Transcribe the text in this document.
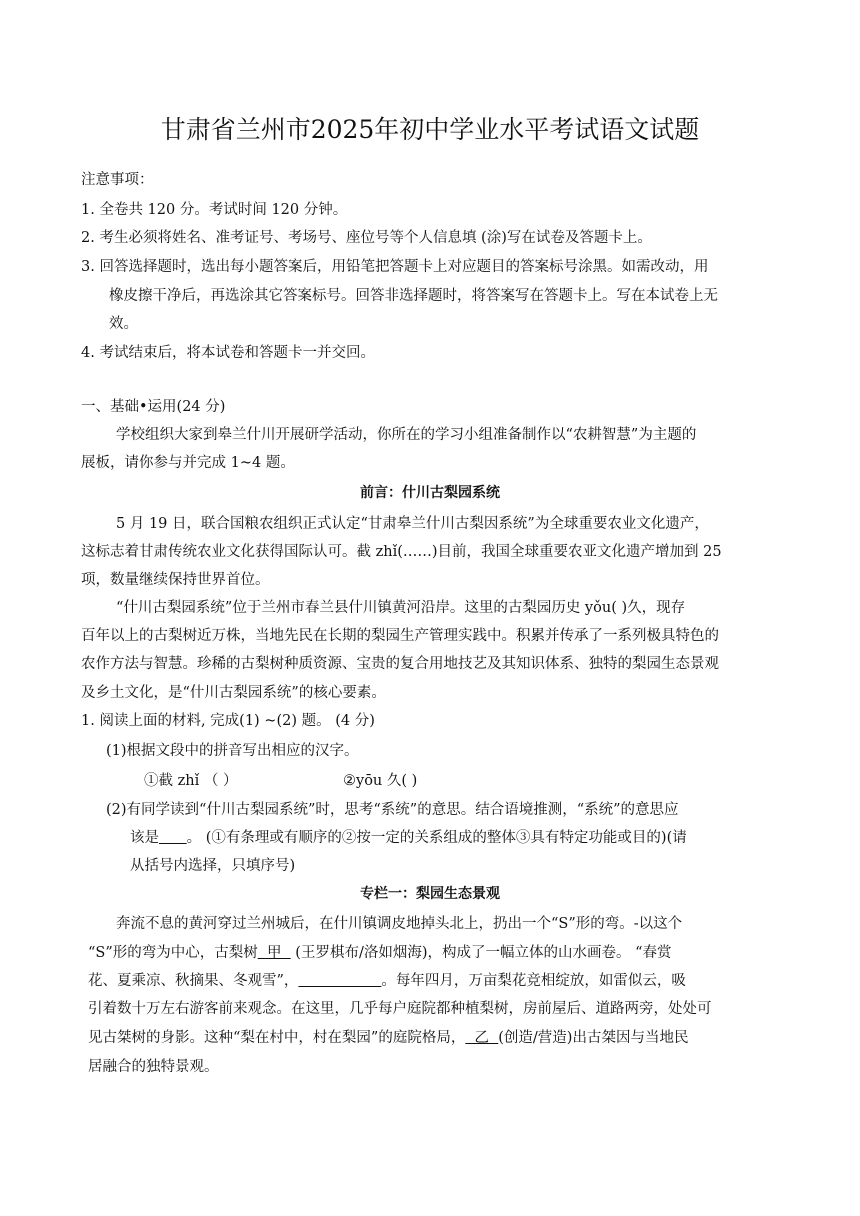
甘肃省兰州市2025年初中学业水平考试语文试题
注意事项：
1. 全卷共 120 分。考试时间 120 分钟。
2. 考生必须将姓名、准考证号、考场号、座位号等个人信息填 (涂)写在试卷及答题卡上。
3. 回答选择题时，选出每小题答案后，用铅笔把答题卡上对应题目的答案标号涂黑。如需改动，用
橡皮擦干净后，再选涂其它答案标号。回答非选择题时，将答案写在答题卡上。写在本试卷上无
效。
4. 考试结束后，将本试卷和答题卡一并交回。
一、基础•运用(24 分)
学校组织大家到皋兰什川开展研学活动，你所在的学习小组准备制作以“农耕智慧”为主题的
展板，请你参与并完成 1~4 题。
前言：什川古梨园系统
5 月 19 日，联合国粮农组织正式认定“甘肃皋兰什川古梨因系统”为全球重要农业文化遗产，
这标志着甘肃传统农业文化获得国际认可。截 zhǐ(……)目前，我国全球重要农亚文化遗产增加到 25
项，数量继续保持世界首位。
“什川古梨园系统”位于兰州市春兰县什川镇黄河沿岸。这里的古梨园历史 yǒu( )久，现存
百年以上的古梨树近万株，当地先民在长期的梨园生产管理实践中。积累并传承了一系列极具特色的
农作方法与智慧。珍稀的古梨树种质资源、宝贵的复合用地技艺及其知识体系、独特的梨园生态景观
及乡土文化，是“什川古梨园系统”的核心要素。
1. 阅读上面的材料, 完成(1) ~(2) 题。 (4 分)
(1)根据文段中的拼音写出相应的汉字。
①截 zhǐ （ ）	②yōu 久( )
(2)有同学读到“什川古梨园系统”时，思考“系统”的意思。结合语境推测，“系统”的意思应
该是 。 (①有条理或有顺序的②按一定的关系组成的整体③具有特定功能或目的)(请
从括号内选择，只填序号)
专栏一：梨园生态景观
奔流不息的黄河穿过兰州城后，在什川镇调皮地掉头北上，扔出一个“S”形的弯。-以这个
“S”形的弯为中心，古梨树  甲   (王罗棋布/洛如烟海)，构成了一幅立体的山水画卷。 “春赏
花、夏乘凉、秋摘果、冬观雪”，	。每年四月，万亩梨花竞相绽放，如雷似云，吸
引着数十万左右游客前来观念。在这里，几乎每户庭院都种植梨树，房前屋后、道路两旁，处处可
见古桀树的身影。这种“梨在村中，村在梨园”的庭院格局，  乙  (创造/营造)出古桀因与当地民
居融合的独特景观。
